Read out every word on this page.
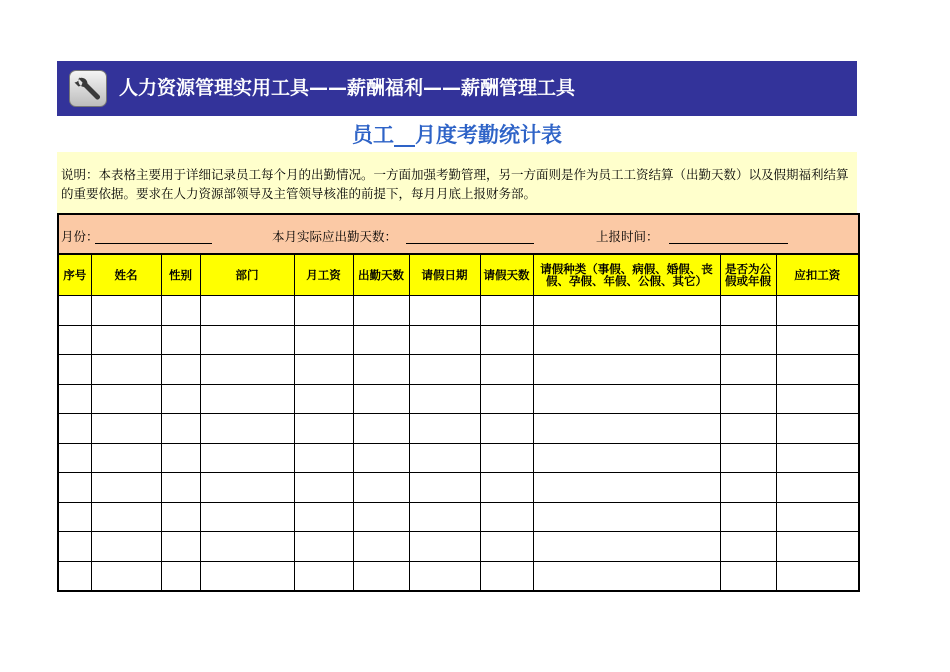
人力资源管理实用工具——薪酬福利——薪酬管理工具
员工__月度考勤统计表
说明：本表格主要用于详细记录员工每个月的出勤情况。一方面加强考勤管理，另一方面则是作为员工工资结算（出勤天数）以及假期福利结算的重要依据。要求在人力资源部领导及主管领导核准的前提下，每月月底上报财务部。
月份： 本月实际应出勤天数： 上报时间：										

序号	姓名	性别	部门	月工资	出勤天数	请假日期	请假天数	请假种类（事假、病假、婚假、丧假、孕假、年假、公假、其它）	是否为公假或年假	应扣工资
